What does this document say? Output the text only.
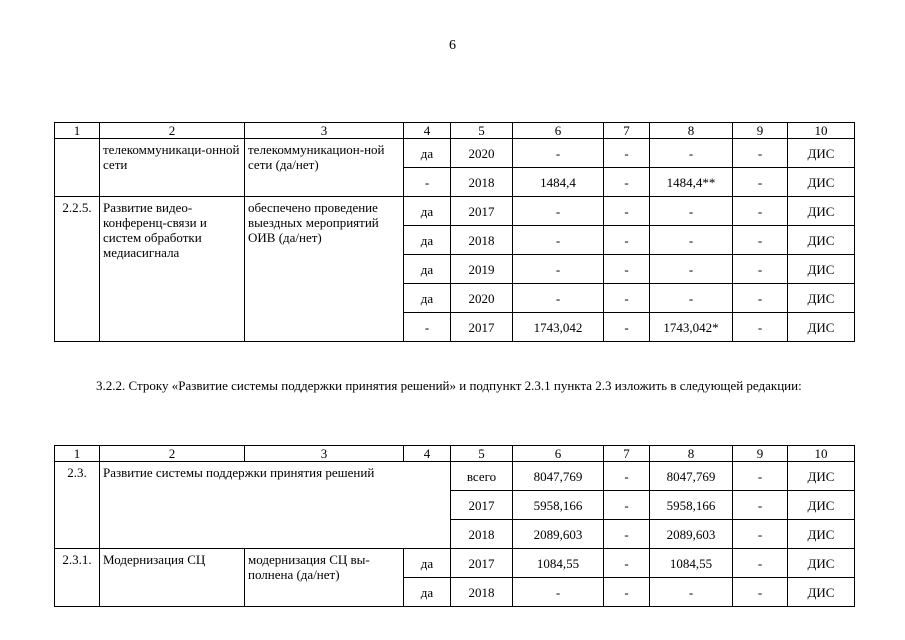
6
1	2	3	4	5	6	7	8	9	10
	телекоммуникаци-онной сети	телекоммуникацион-ной сети (да/нет)	да	2020	-	-	-	-	ДИС
			-	2018	1484,4	-	1484,4**	-	ДИС
2.2.5.	Развитие видео-конференц-связи и систем обработки медиасигнала	обеспечено проведение выездных мероприятий ОИВ (да/нет)	да	2017	-	-	-	-	ДИС
			да	2018	-	-	-	-	ДИС
			да	2019	-	-	-	-	ДИС
			да	2020	-	-	-	-	ДИС
			-	2017	1743,042	-	1743,042*	-	ДИС
3.2.2. Строку «Развитие системы поддержки принятия решений» и подпункт 2.3.1 пункта 2.3 изложить в следующей редакции:
1	2	3	4	5	6	7	8	9	10
2.3.	Развитие системы поддержки принятия решений			всего	8047,769	-	8047,769	-	ДИС
				2017	5958,166	-	5958,166	-	ДИС
				2018	2089,603	-	2089,603	-	ДИС
2.3.1.	Модернизация СЦ	модернизация СЦ вы-полнена (да/нет)	да	2017	1084,55	-	1084,55	-	ДИС
			да	2018	-	-	-	-	ДИС
